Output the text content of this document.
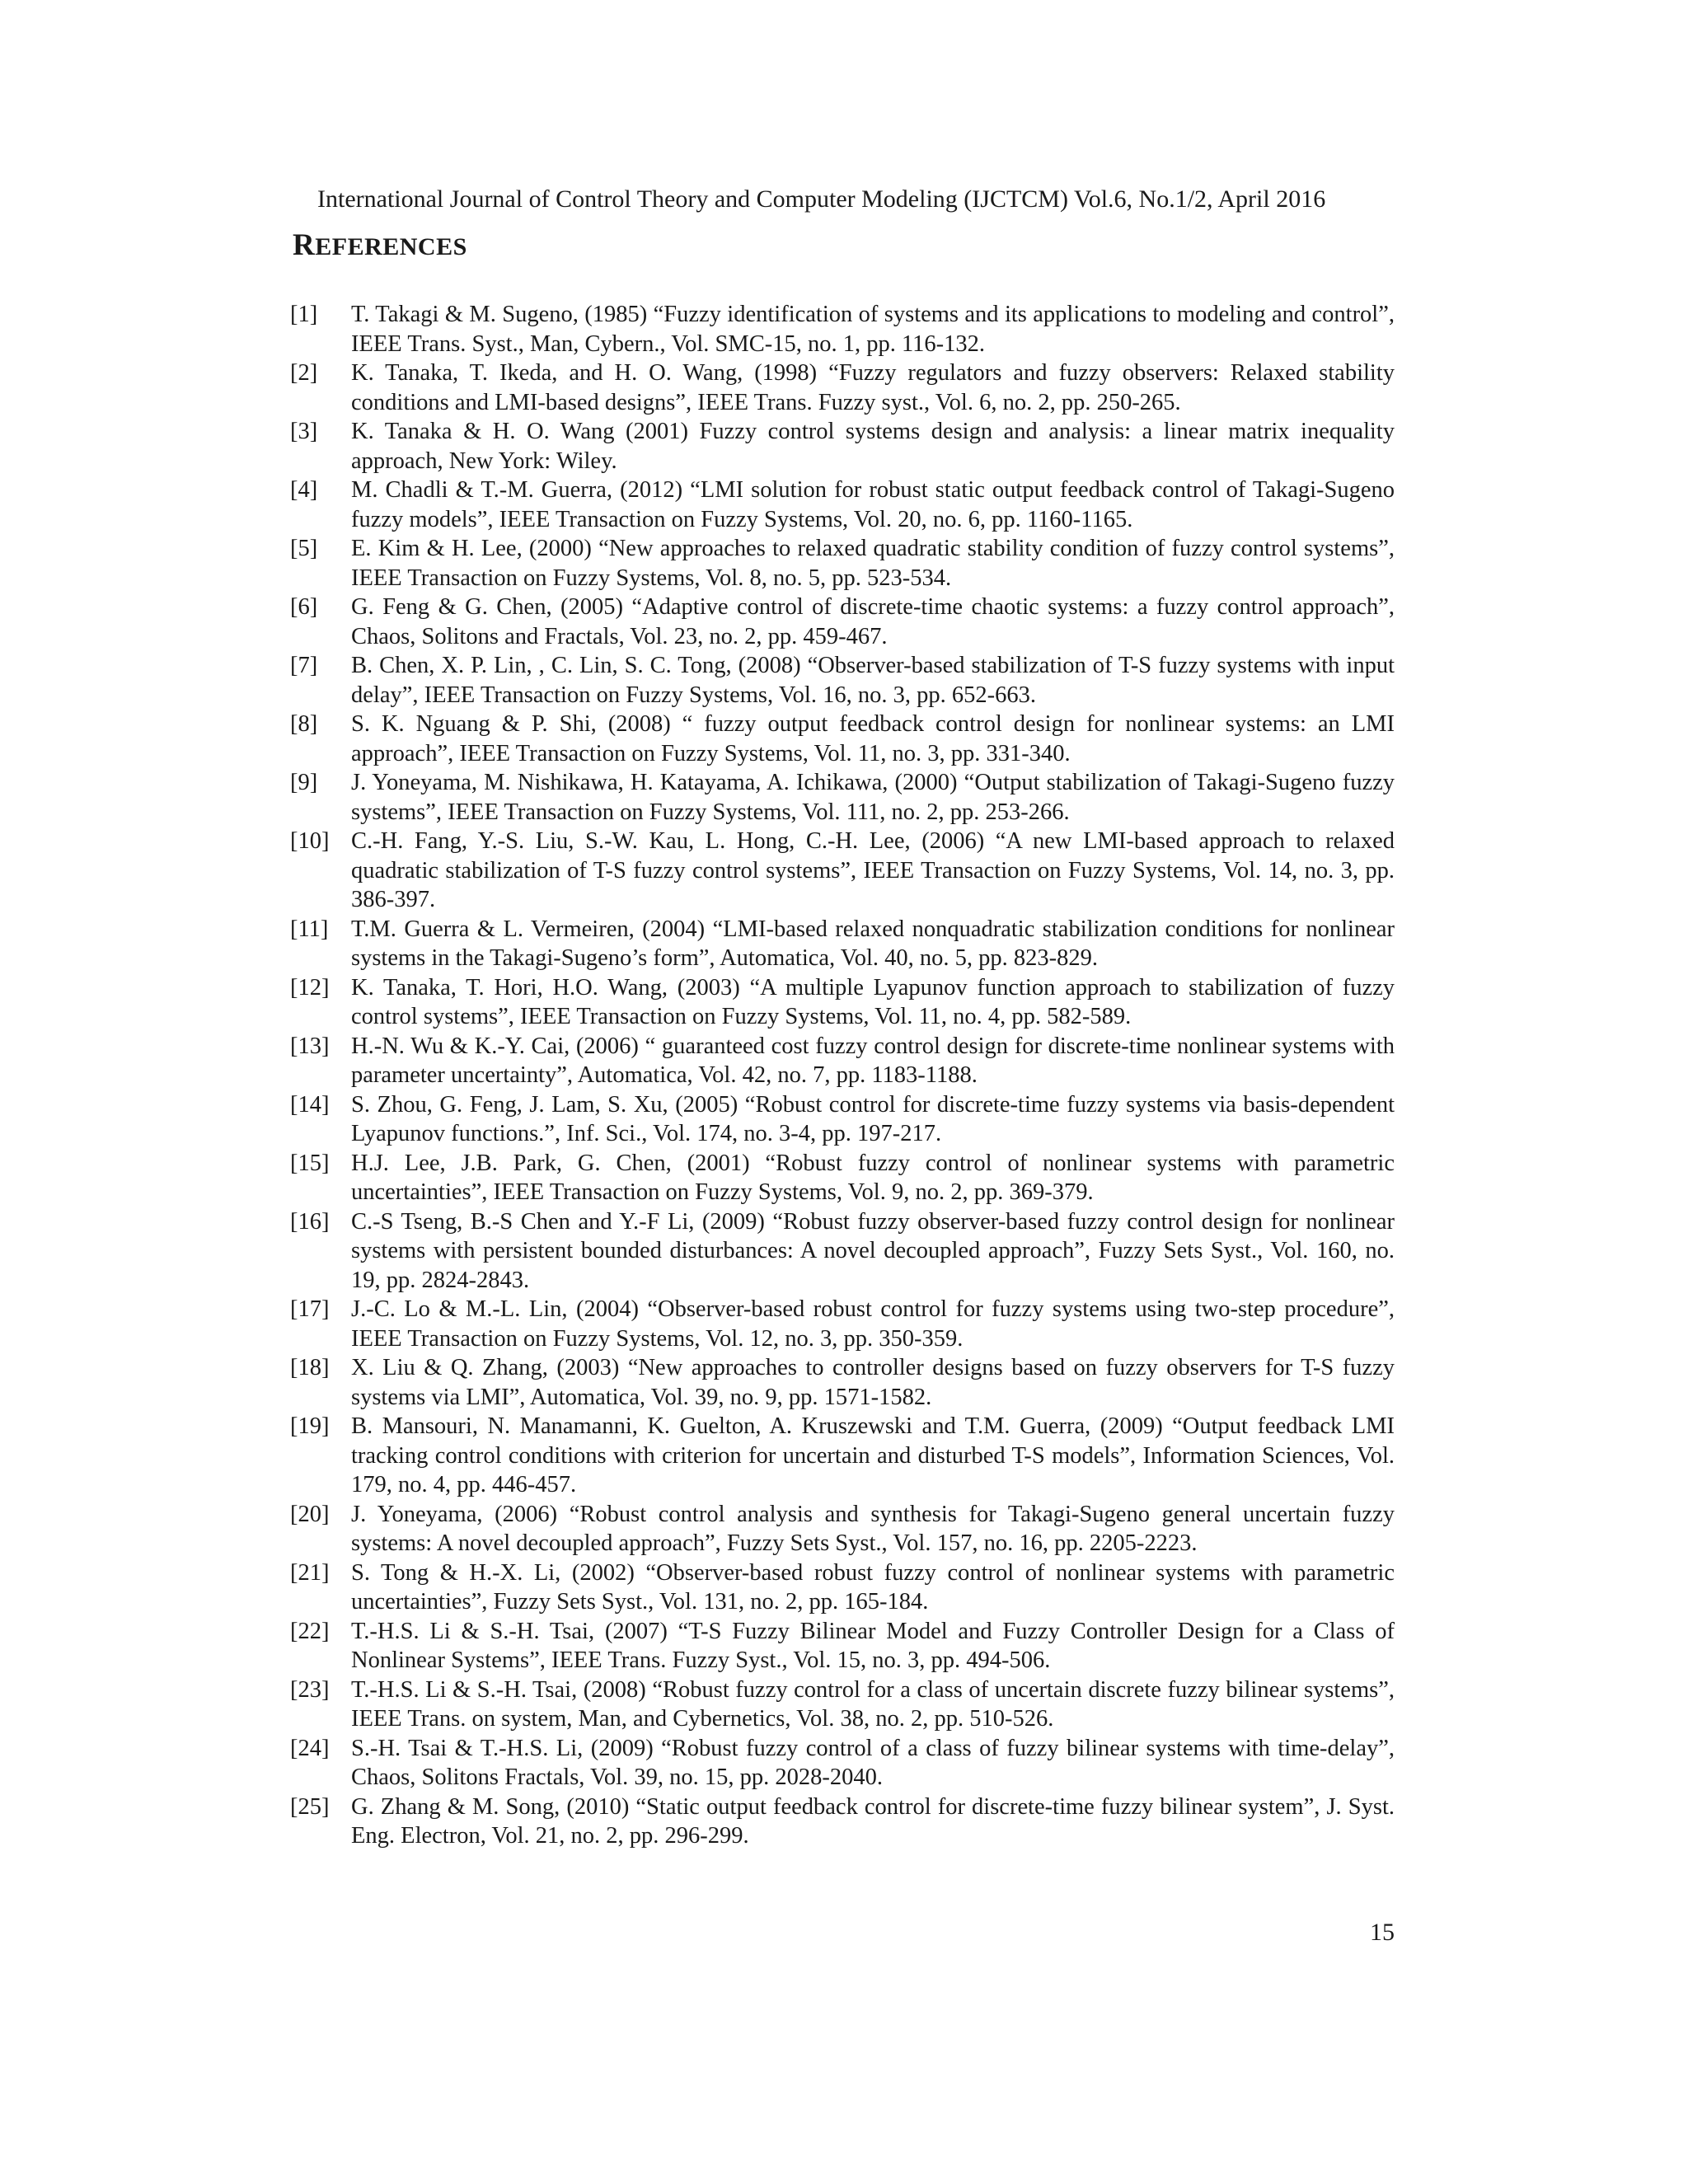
International Journal of Control Theory and Computer Modeling (IJCTCM) Vol.6, No.1/2, April 2016
REFERENCES
[1]	T. Takagi & M. Sugeno, (1985) “Fuzzy identification of systems and its applications to modeling and control”, IEEE Trans. Syst., Man, Cybern., Vol. SMC-15, no. 1, pp. 116-132.
[2]	K. Tanaka, T. Ikeda, and H. O. Wang, (1998) “Fuzzy regulators and fuzzy observers: Relaxed stability conditions and LMI-based designs”, IEEE Trans. Fuzzy syst., Vol. 6, no. 2, pp. 250-265.
[3]	K. Tanaka & H. O. Wang (2001) Fuzzy control systems design and analysis: a linear matrix inequality approach, New York: Wiley.
[4]	M. Chadli & T.-M. Guerra, (2012) “LMI solution for robust static output feedback control of Takagi-Sugeno fuzzy models”, IEEE Transaction on Fuzzy Systems, Vol. 20, no. 6, pp. 1160-1165.
[5]	E. Kim & H. Lee, (2000) “New approaches to relaxed quadratic stability condition of fuzzy control systems”, IEEE Transaction on Fuzzy Systems, Vol. 8, no. 5, pp. 523-534.
[6]	G. Feng & G. Chen, (2005) “Adaptive control of discrete-time chaotic systems: a fuzzy control approach”, Chaos, Solitons and Fractals, Vol. 23, no. 2, pp. 459-467.
[7]	B. Chen, X. P. Lin, , C. Lin, S. C. Tong, (2008) “Observer-based stabilization of T-S fuzzy systems with input delay”, IEEE Transaction on Fuzzy Systems, Vol. 16, no. 3, pp. 652-663.
[8]	S. K. Nguang & P. Shi, (2008) “ fuzzy output feedback control design for nonlinear systems: an LMI approach”, IEEE Transaction on Fuzzy Systems, Vol. 11, no. 3, pp. 331-340.
[9]	J. Yoneyama, M. Nishikawa, H. Katayama, A. Ichikawa, (2000) “Output stabilization of Takagi-Sugeno fuzzy systems”, IEEE Transaction on Fuzzy Systems, Vol. 111, no. 2, pp. 253-266.
[10] C.-H. Fang, Y.-S. Liu, S.-W. Kau, L. Hong, C.-H. Lee, (2006) “A new LMI-based approach to relaxed quadratic stabilization of T-S fuzzy control systems”, IEEE Transaction on Fuzzy Systems, Vol. 14, no. 3, pp. 386-397.
[11] T.M. Guerra & L. Vermeiren, (2004) “LMI-based relaxed nonquadratic stabilization conditions for nonlinear systems in the Takagi-Sugeno’s form”, Automatica, Vol. 40, no. 5, pp. 823-829.
[12] K. Tanaka, T. Hori, H.O. Wang, (2003) “A multiple Lyapunov function approach to stabilization of fuzzy control systems”, IEEE Transaction on Fuzzy Systems, Vol. 11, no. 4, pp. 582-589.
[13] H.-N. Wu & K.-Y. Cai, (2006) “ guaranteed cost fuzzy control design for discrete-time nonlinear systems with parameter uncertainty”, Automatica, Vol. 42, no. 7, pp. 1183-1188.
[14] S. Zhou, G. Feng, J. Lam, S. Xu, (2005) “Robust control for discrete-time fuzzy systems via basis-dependent Lyapunov functions.”, Inf. Sci., Vol. 174, no. 3-4, pp. 197-217.
[15] H.J. Lee, J.B. Park, G. Chen, (2001) “Robust fuzzy control of nonlinear systems with parametric uncertainties”, IEEE Transaction on Fuzzy Systems, Vol. 9, no. 2, pp. 369-379.
[16] C.-S Tseng, B.-S Chen and Y.-F Li, (2009) “Robust fuzzy observer-based fuzzy control design for nonlinear systems with persistent bounded disturbances: A novel decoupled approach”, Fuzzy Sets Syst., Vol. 160, no. 19, pp. 2824-2843.
[17] J.-C. Lo & M.-L. Lin, (2004) “Observer-based robust control for fuzzy systems using two-step procedure”, IEEE Transaction on Fuzzy Systems, Vol. 12, no. 3, pp. 350-359.
[18] X. Liu & Q. Zhang, (2003) “New approaches to controller designs based on fuzzy observers for T-S fuzzy systems via LMI”, Automatica, Vol. 39, no. 9, pp. 1571-1582.
[19] B. Mansouri, N. Manamanni, K. Guelton, A. Kruszewski and T.M. Guerra, (2009) “Output feedback LMI tracking control conditions with criterion for uncertain and disturbed T-S models”, Information Sciences, Vol. 179, no. 4, pp. 446-457.
[20] J. Yoneyama, (2006) “Robust control analysis and synthesis for Takagi-Sugeno general uncertain fuzzy systems: A novel decoupled approach”, Fuzzy Sets Syst., Vol. 157, no. 16, pp. 2205-2223.
[21] S. Tong & H.-X. Li, (2002) “Observer-based robust fuzzy control of nonlinear systems with parametric uncertainties”, Fuzzy Sets Syst., Vol. 131, no. 2, pp. 165-184.
[22] T.-H.S. Li & S.-H. Tsai, (2007) “T-S Fuzzy Bilinear Model and Fuzzy Controller Design for a Class of Nonlinear Systems”, IEEE Trans. Fuzzy Syst., Vol. 15, no. 3, pp. 494-506.
[23] T.-H.S. Li & S.-H. Tsai, (2008) “Robust fuzzy control for a class of uncertain discrete fuzzy bilinear systems”, IEEE Trans. on system, Man, and Cybernetics, Vol. 38, no. 2, pp. 510-526.
[24] S.-H. Tsai & T.-H.S. Li, (2009) “Robust fuzzy control of a class of fuzzy bilinear systems with time-delay”, Chaos, Solitons Fractals, Vol. 39, no. 15, pp. 2028-2040.
[25] G. Zhang & M. Song, (2010) “Static output feedback control for discrete-time fuzzy bilinear system”, J. Syst. Eng. Electron, Vol. 21, no. 2, pp. 296-299.
15
